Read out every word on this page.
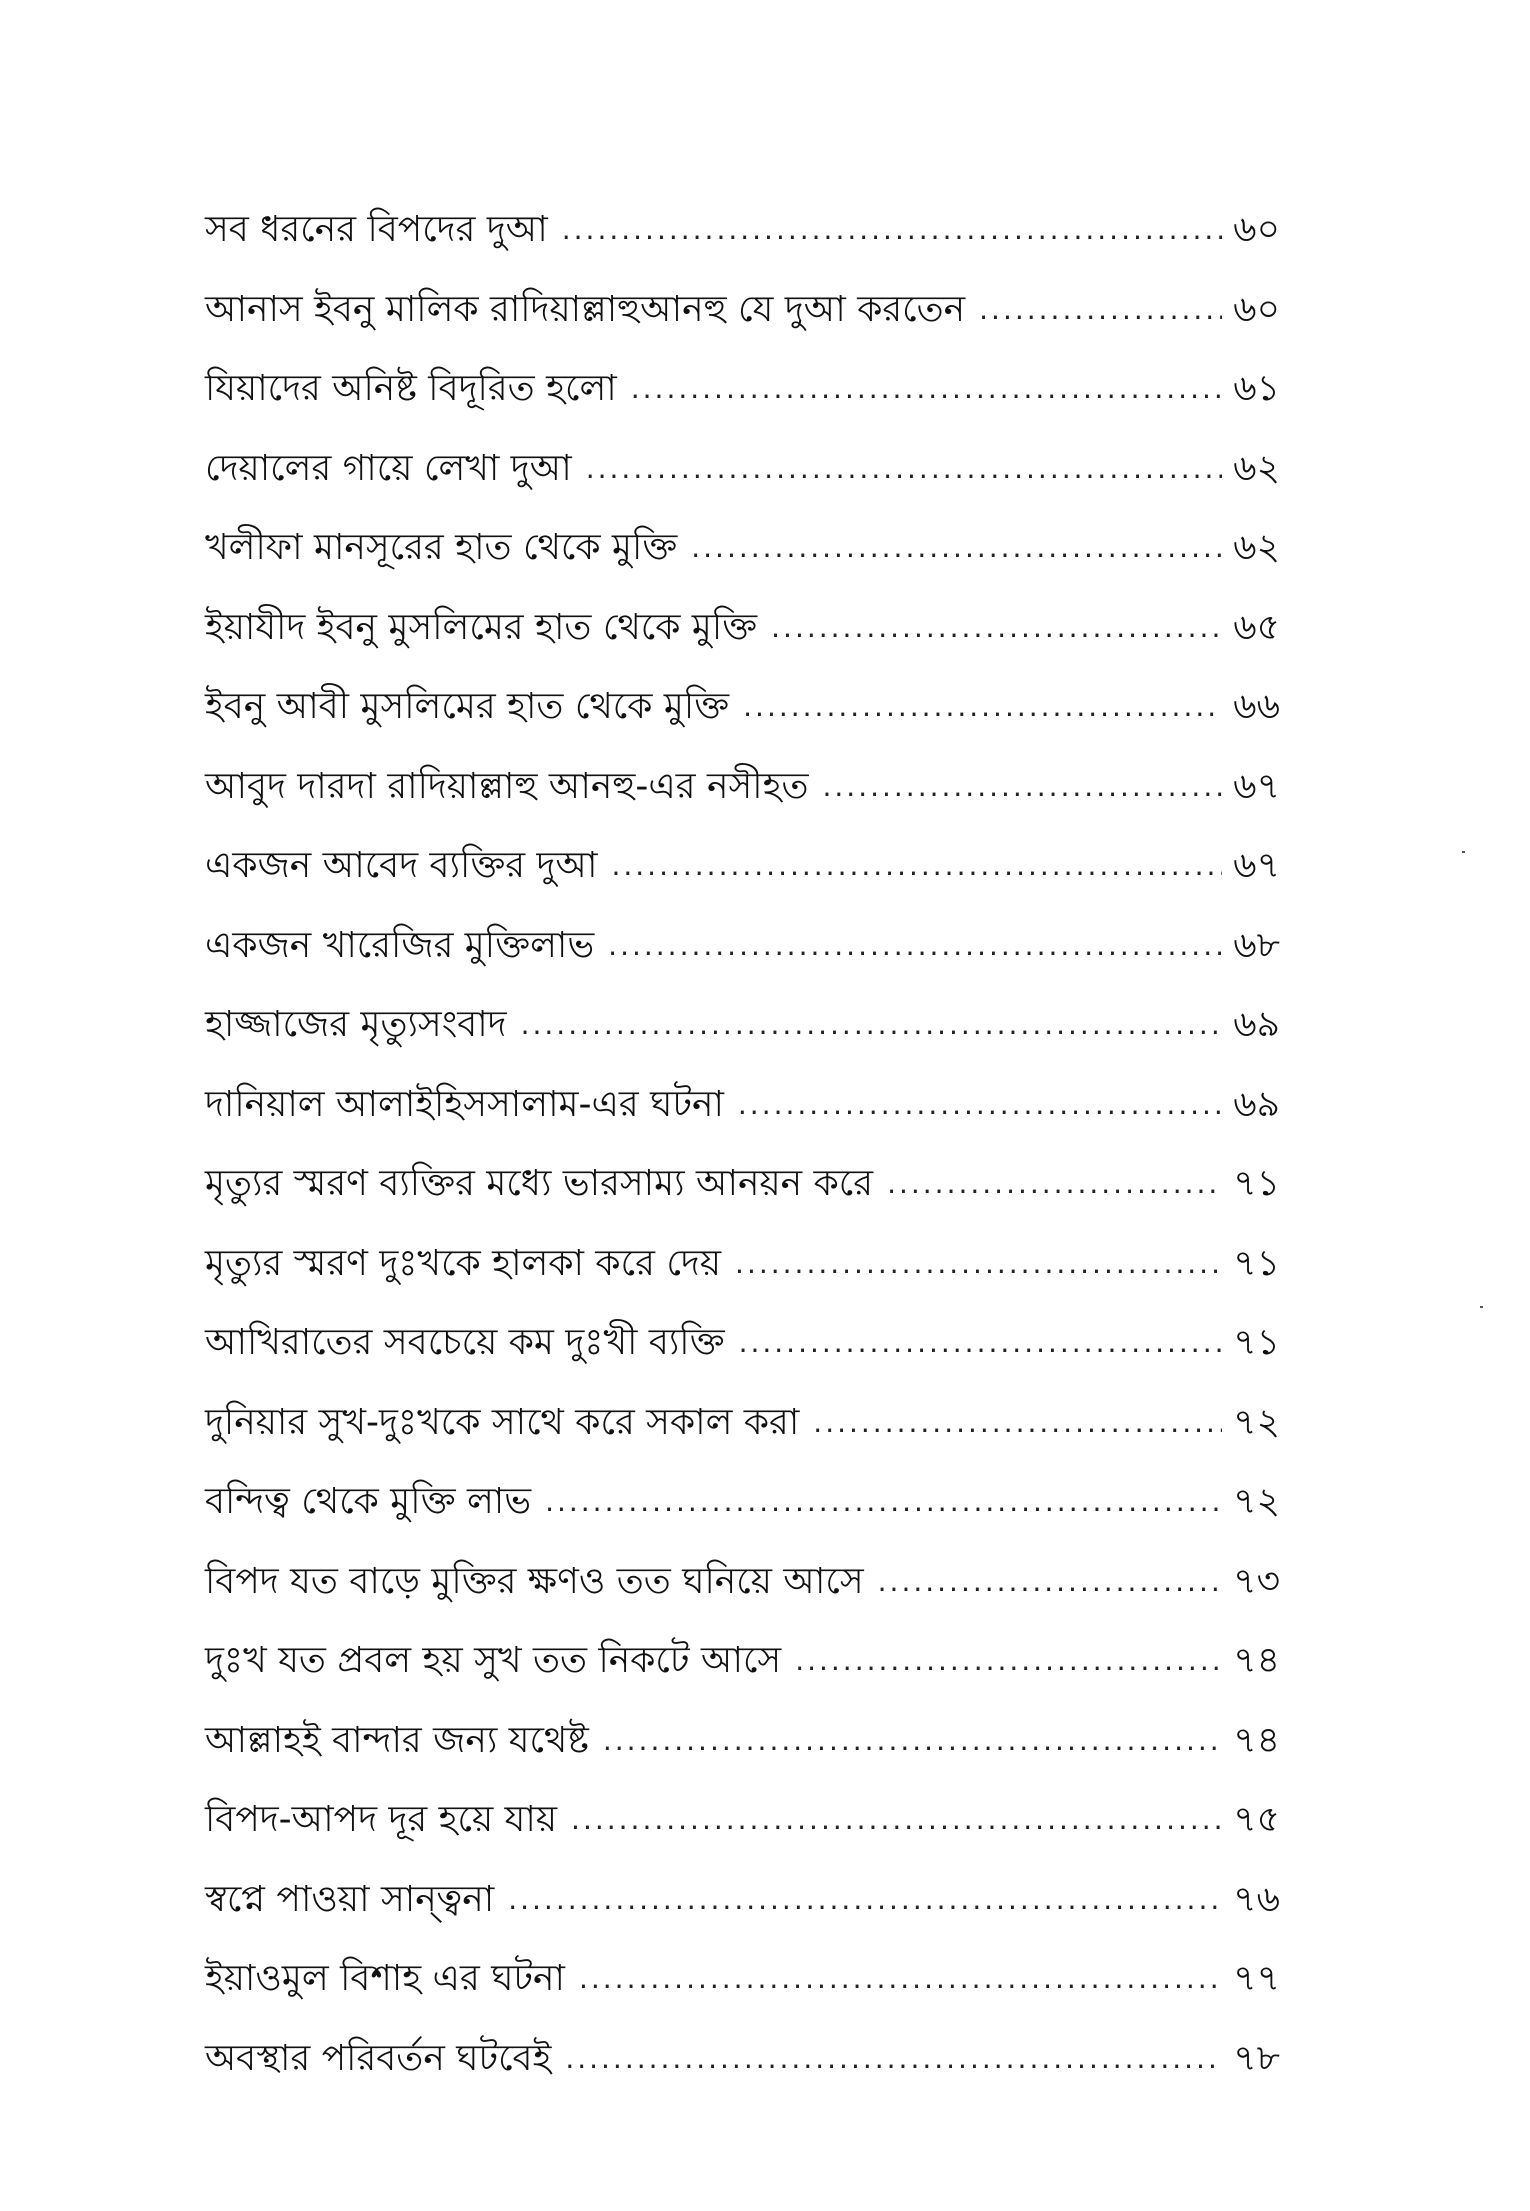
সব ধরনের বিপদের দুআ .....	৬০
আনাস ইবনু মালিক রাদিয়াল্লাহুআনহু যে দুআ করতেন .....	৬০
যিয়াদের অনিষ্ট বিদূরিত হলো .....	৬১
দেয়ালের গায়ে লেখা দুআ .....	৬২
খলীফা মানসূরের হাত থেকে মুক্তি .....	৬২
ইয়াযীদ ইবনু মুসলিমের হাত থেকে মুক্তি .....	৬৫
ইবনু আবী মুসলিমের হাত থেকে মুক্তি .....	৬৬
আবুদ দারদা রাদিয়াল্লাহু আনহু-এর নসীহত .....	৬৭
একজন আবেদ ব্যক্তির দুআ .....	৬৭
একজন খারেজির মুক্তিলাভ .....	৬৮
হাজ্জাজের মৃত্যুসংবাদ .....	৬৯
দানিয়াল আলাইহিসসালাম-এর ঘটনা .....	৬৯
মৃত্যুর স্মরণ ব্যক্তির মধ্যে ভারসাম্য আনয়ন করে .....	৭১
মৃত্যুর স্মরণ দুঃখকে হালকা করে দেয় .....	৭১
আখিরাতের সবচেয়ে কম দুঃখী ব্যক্তি .....	৭১
দুনিয়ার সুখ-দুঃখকে সাথে করে সকাল করা .....	৭২
বন্দিত্ব থেকে মুক্তি লাভ .....	৭২
বিপদ যত বাড়ে মুক্তির ক্ষণও তত ঘনিয়ে আসে .....	৭৩
দুঃখ যত প্রবল হয় সুখ তত নিকটে আসে .....	৭৪
আল্লাহই বান্দার জন্য যথেষ্ট .....	৭৪
বিপদ-আপদ দূর হয়ে যায় .....	৭৫
স্বপ্নে পাওয়া সান্ত্বনা .....	৭৬
ইয়াওমুল বিশাহ এর ঘটনা .....	৭৭
অবস্থার পরিবর্তন ঘটবেই .....	৭৮
